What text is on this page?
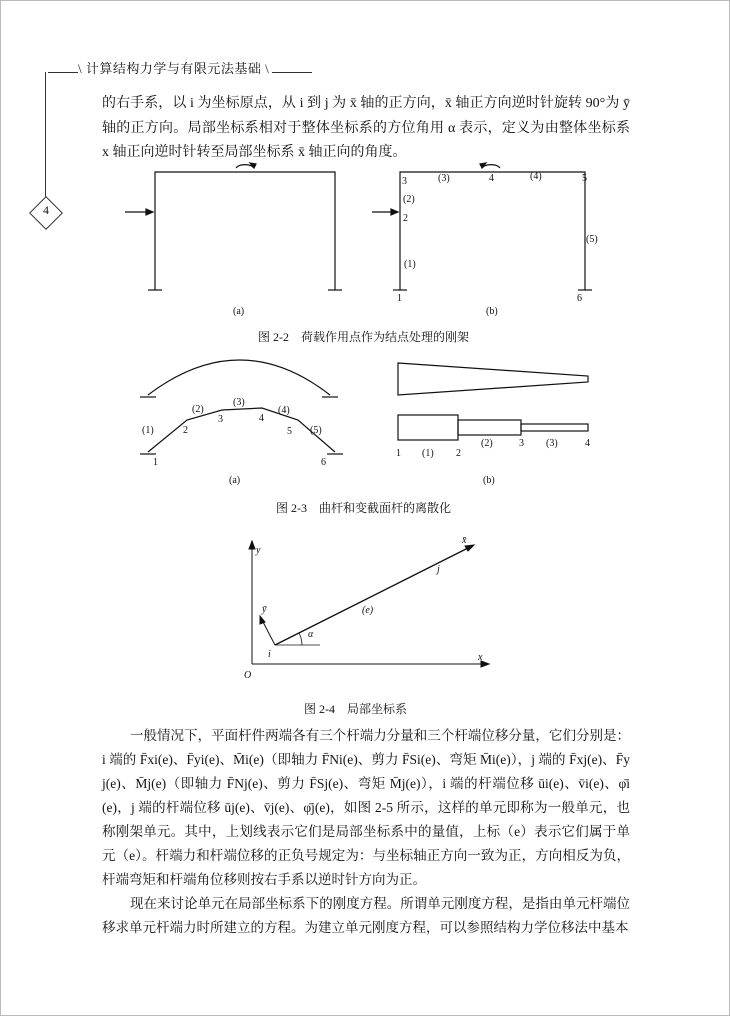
\ 计算结构力学与有限元法基础 \
4
的右手系，以 i 为坐标原点，从 i 到 j 为 x̄ 轴的正方向，x̄ 轴正方向逆时针旋转 90°为 ȳ 轴的正方向。局部坐标系相对于整体坐标系的方位角用 α 表示，定义为由整体坐标系 x 轴正向逆时针转至局部坐标系 x̄ 轴正向的角度。
(a)
3
2
1
4	5
6
(1)
(2)
(3)	(4)
(5)
(b)
1
2
3	4
5
6
(1)
(2)
(3)
(4)
(5)
(a)
1	2
3	4
(1)
(2)	(3)
(b)
y
x
O
x̄
ȳ
i
j
(e)
α
图 2-2　荷载作用点作为结点处理的刚架
图 2-3　曲杆和变截面杆的离散化
图 2-4　局部坐标系
一般情况下，平面杆件两端各有三个杆端力分量和三个杆端位移分量，它们分别是：i 端的 F̄xi(e)、F̄yi(e)、M̄i(e)（即轴力 F̄Ni(e)、剪力 F̄Si(e)、弯矩 M̄i(e)），j 端的 F̄xj(e)、F̄yj(e)、M̄j(e)（即轴力 F̄Nj(e)、剪力 F̄Sj(e)、弯矩 M̄j(e)），i 端的杆端位移 ūi(e)、v̄i(e)、φ̄i(e)，j 端的杆端位移 ūj(e)、v̄j(e)、φ̄j(e)，如图 2-5 所示，这样的单元即称为一般单元，也称刚架单元。其中，上划线表示它们是局部坐标系中的量值，上标（e）表示它们属于单元（e）。杆端力和杆端位移的正负号规定为：与坐标轴正方向一致为正，方向相反为负，杆端弯矩和杆端角位移则按右手系以逆时针方向为正。
现在来讨论单元在局部坐标系下的刚度方程。所谓单元刚度方程，是指由单元杆端位移求单元杆端力时所建立的方程。为建立单元刚度方程，可以参照结构力学位移法中基本
